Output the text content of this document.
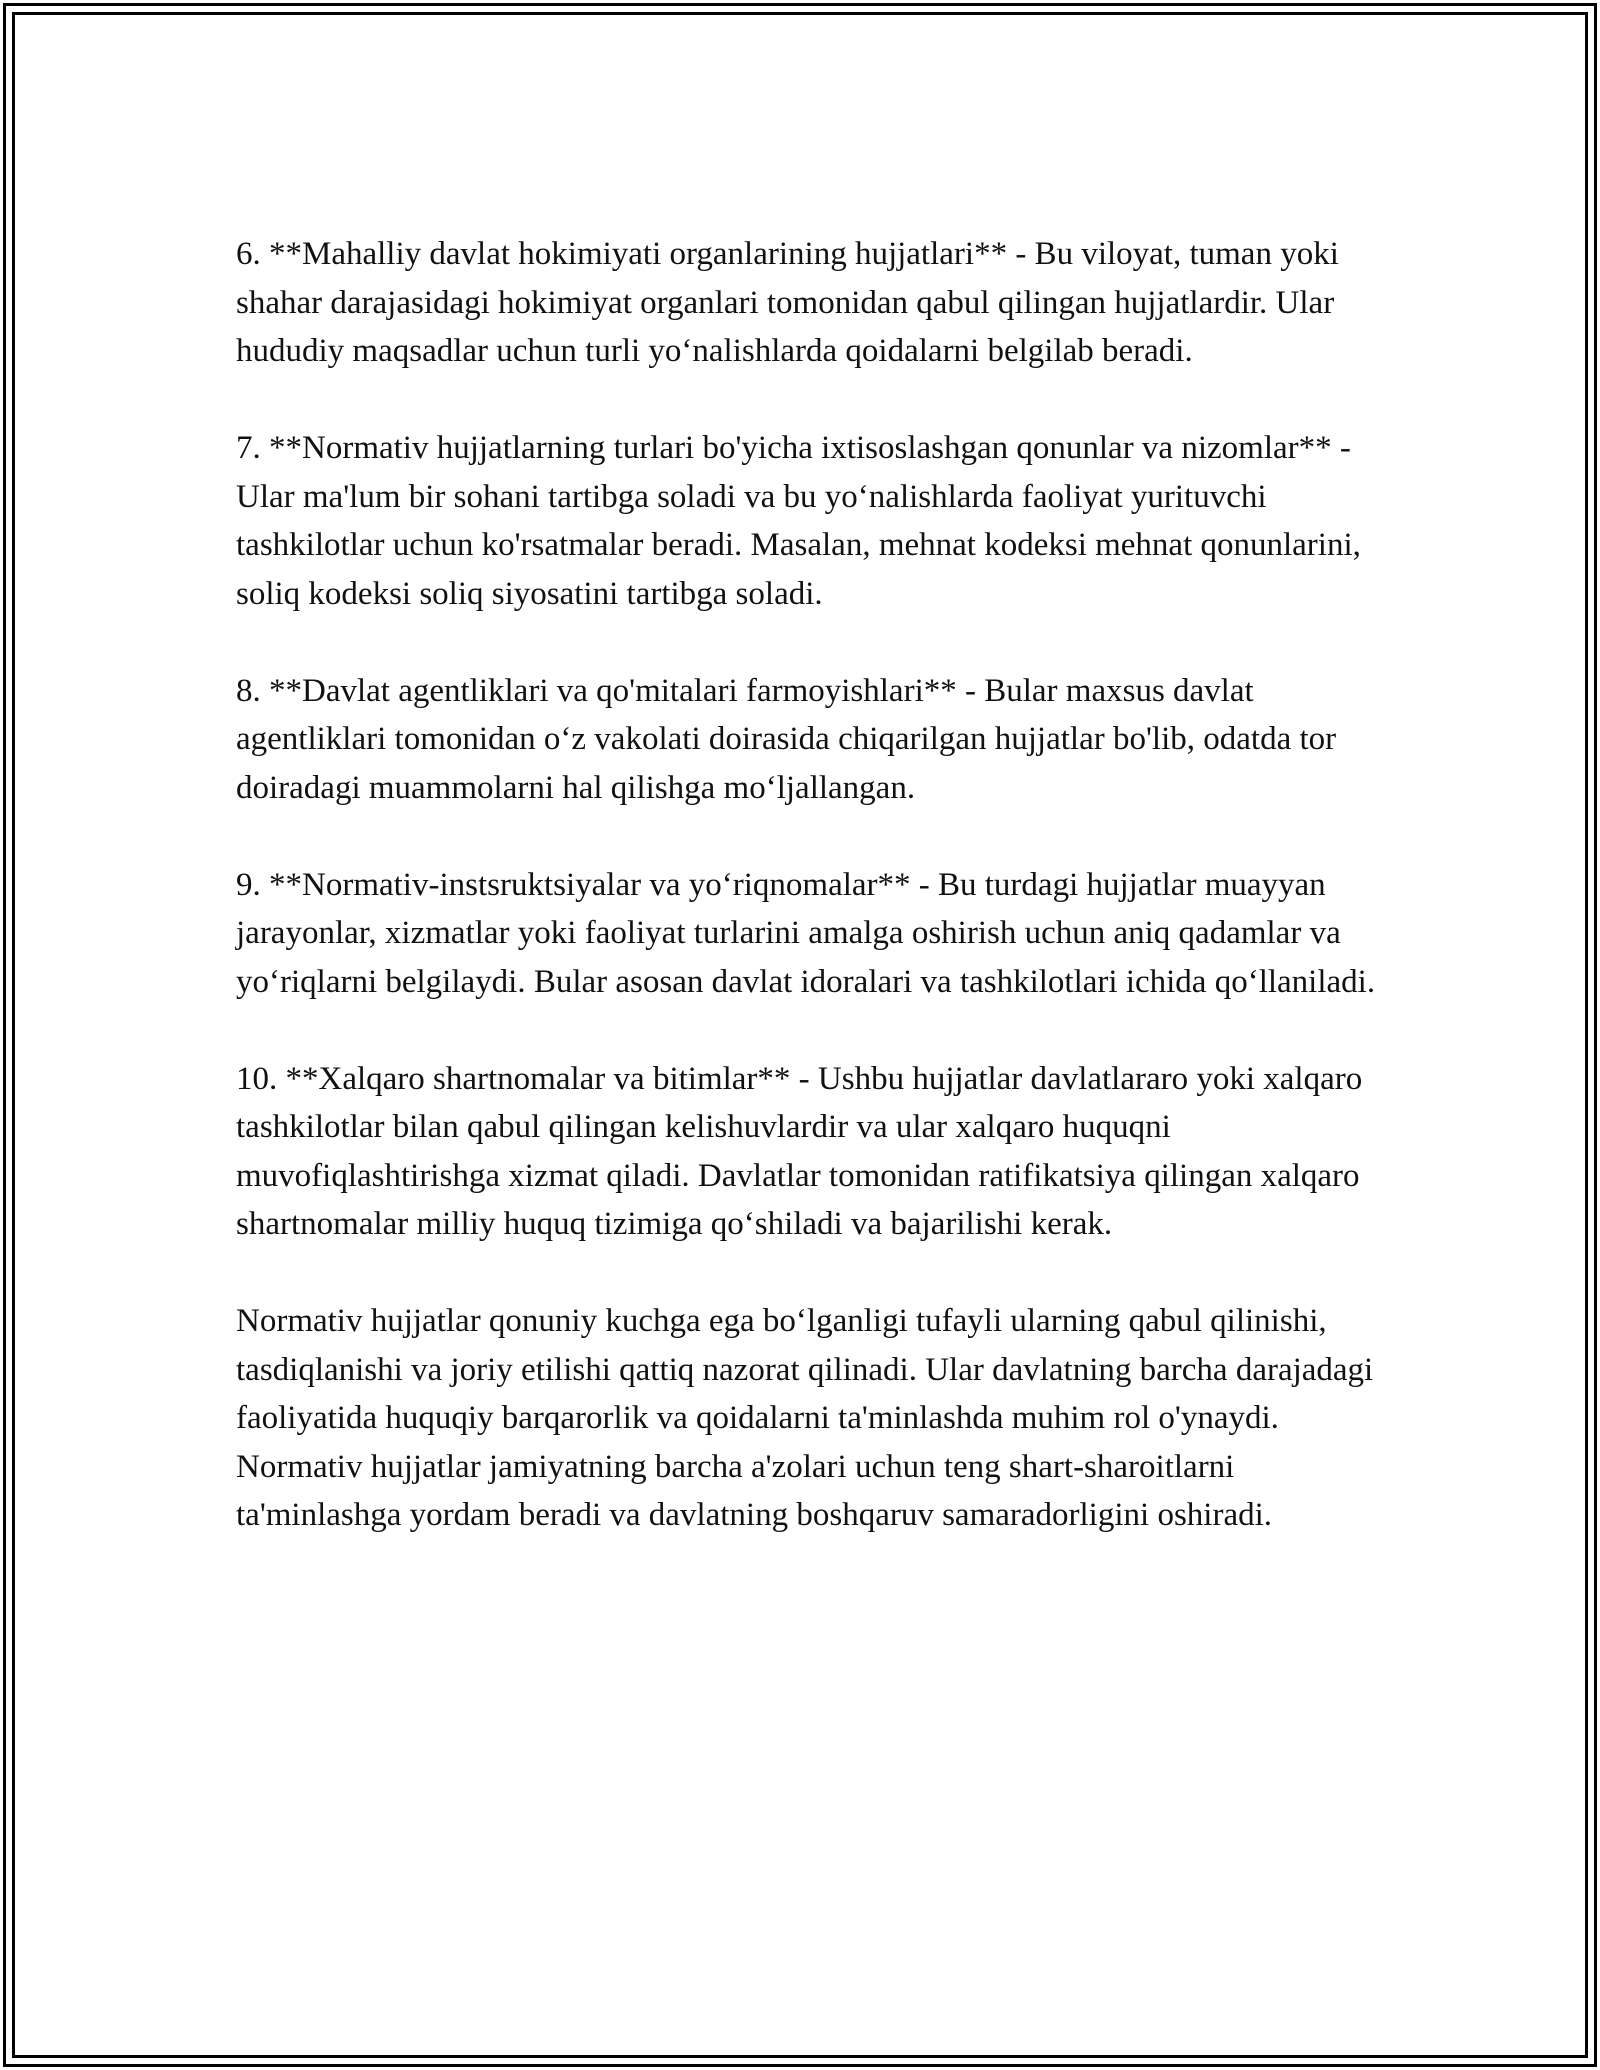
6. **Mahalliy davlat hokimiyati organlarining hujjatlari** - Bu viloyat, tuman yoki shahar darajasidagi hokimiyat organlari tomonidan qabul qilingan hujjatlardir. Ular hududiy maqsadlar uchun turli yo‘nalishlarda qoidalarni belgilab beradi.

7. **Normativ hujjatlarning turlari bo'yicha ixtisoslashgan qonunlar va nizomlar** - Ular ma'lum bir sohani tartibga soladi va bu yo‘nalishlarda faoliyat yurituvchi tashkilotlar uchun ko'rsatmalar beradi. Masalan, mehnat kodeksi mehnat qonunlarini, soliq kodeksi soliq siyosatini tartibga soladi.

8. **Davlat agentliklari va qo'mitalari farmoyishlari** - Bular maxsus davlat agentliklari tomonidan o‘z vakolati doirasida chiqarilgan hujjatlar bo'lib, odatda tor doiradagi muammolarni hal qilishga mo‘ljallangan.

9. **Normativ-instsruktsiyalar va yo‘riqnomalar** - Bu turdagi hujjatlar muayyan jarayonlar, xizmatlar yoki faoliyat turlarini amalga oshirish uchun aniq qadamlar va yo‘riqlarni belgilaydi. Bular asosan davlat idoralari va tashkilotlari ichida qo‘llaniladi.

10. **Xalqaro shartnomalar va bitimlar** - Ushbu hujjatlar davlatlararo yoki xalqaro tashkilotlar bilan qabul qilingan kelishuvlardir va ular xalqaro huquqni muvofiqlashtirishga xizmat qiladi. Davlatlar tomonidan ratifikatsiya qilingan xalqaro shartnomalar milliy huquq tizimiga qo‘shiladi va bajarilishi kerak.

Normativ hujjatlar qonuniy kuchga ega bo‘lganligi tufayli ularning qabul qilinishi, tasdiqlanishi va joriy etilishi qattiq nazorat qilinadi. Ular davlatning barcha darajadagi faoliyatida huquqiy barqarorlik va qoidalarni ta'minlashda muhim rol o'ynaydi. Normativ hujjatlar jamiyatning barcha a'zolari uchun teng shart-sharoitlarni ta'minlashga yordam beradi va davlatning boshqaruv samaradorligini oshiradi.
